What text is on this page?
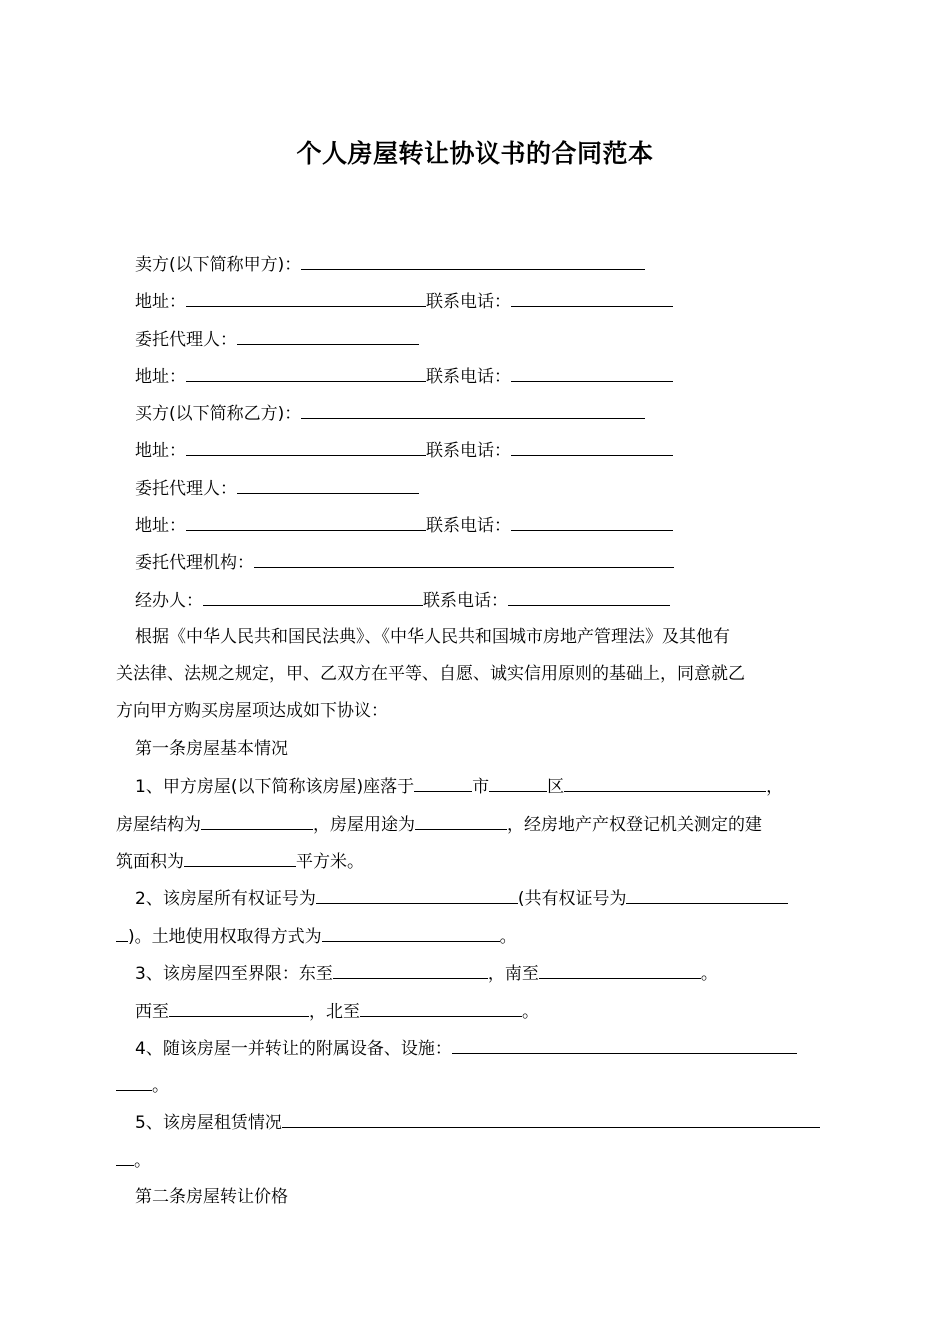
个人房屋转让协议书的合同范本
卖方(以下简称甲方)：
地址：	联系电话：
委托代理人：
地址：	联系电话：
买方(以下简称乙方)：
地址：	联系电话：
委托代理人：
地址：	联系电话：
委托代理机构：
经办人：	联系电话：
根据《中华人民共和国民法典》、《中华人民共和国城市房地产管理法》及其他有
关法律、法规之规定，甲、乙双方在平等、自愿、诚实信用原则的基础上，同意就乙
方向甲方购买房屋项达成如下协议：
第一条房屋基本情况
1、甲方房屋(以下简称该房屋)座落于	市	区	，
房屋结构为	，房屋用途为	，经房地产产权登记机关测定的建
筑面积为	平方米。
2、该房屋所有权证号为	(共有权证号为
)。土地使用权取得方式为	。
3、该房屋四至界限：东至	，南至	。
西至	，北至	。
4、随该房屋一并转让的附属设备、设施：
。
5、该房屋租赁情况
。
第二条房屋转让价格
